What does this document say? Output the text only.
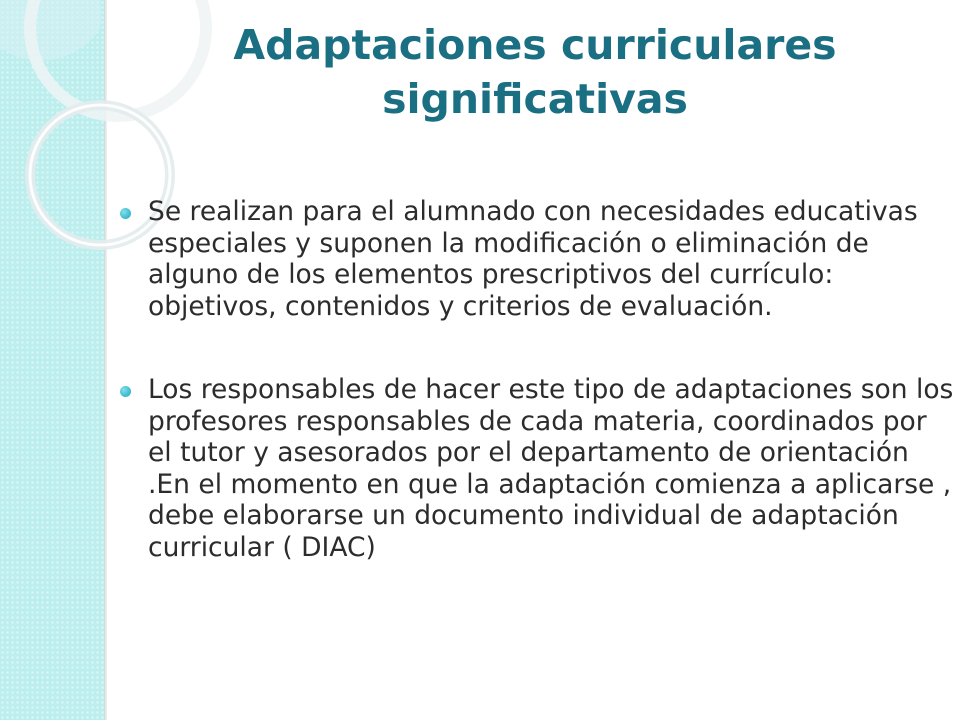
Adaptaciones curriculares significativas
Se realizan para el alumnado con necesidades educativas especiales y suponen la modificación o eliminación de alguno de los elementos prescriptivos del currículo: objetivos, contenidos y criterios de evaluación.
Los responsables de hacer este tipo de adaptaciones son los profesores responsables de cada materia, coordinados por el tutor y asesorados por el departamento de orientación .En el momento en que la adaptación comienza a aplicarse , debe elaborarse un documento individual de adaptación curricular ( DIAC)
